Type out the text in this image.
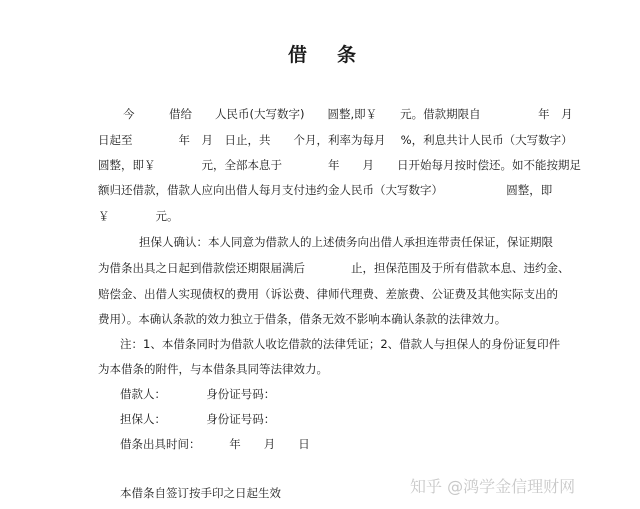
借条
今　　　借给　　人民币(大写数字)　　圆整,即￥　　元。借款期限自　　　　　年　月
日起至　　　　年　月　日止，共　　个月，利率为每月　 %，利息共计人民币（大写数字）
圆整，即￥　　　　元，全部本息于　　　　年　　月　　日开始每月按时偿还。如不能按期足
额归还借款，借款人应向出借人每月支付违约金人民币（大写数字）　　　　　　圆整，即
￥　　　　元。
担保人确认：本人同意为借款人的上述债务向出借人承担连带责任保证，保证期限
为借条出具之日起到借款偿还期限届满后　　　　止，担保范围及于所有借款本息、违约金、
赔偿金、出借人实现债权的费用（诉讼费、律师代理费、差旅费、公证费及其他实际支出的
费用）。本确认条款的效力独立于借条，借条无效不影响本确认条款的法律效力。
注：1、本借条同时为借款人收讫借款的法律凭证；2、借款人与担保人的身份证复印件
为本借条的附件，与本借条具同等法律效力。
借款人：　　　　身份证号码：
担保人：　　　　身份证号码：
借条出具时间：　　　年　　月　　日
本借条自签订按手印之日起生效	知乎 @鸿学金信理财网
